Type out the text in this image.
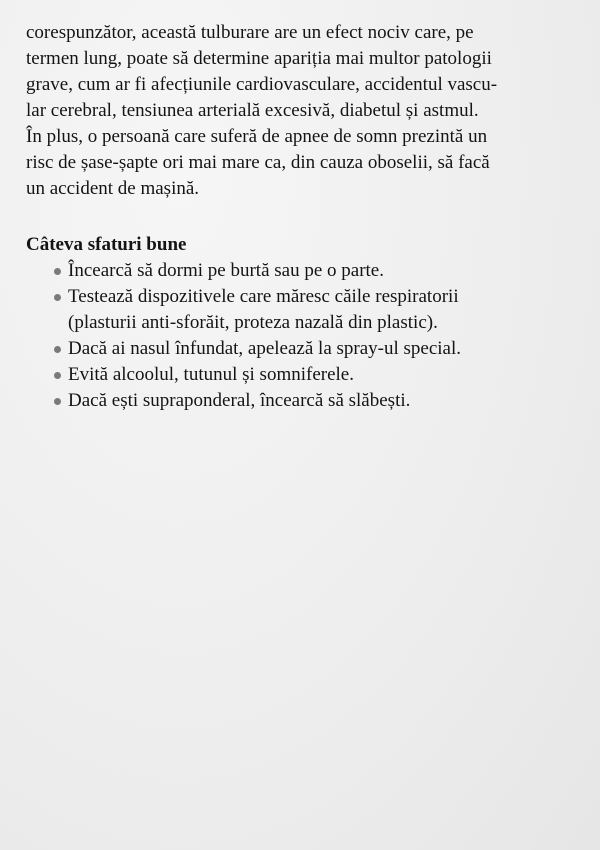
corespunzător, această tulburare are un efect nociv care, pe
termen lung, poate să determine apariția mai multor patologii
grave, cum ar fi afecțiunile cardiovasculare, accidentul vascu-
lar cerebral, tensiunea arterială excesivă, diabetul și astmul.
În plus, o persoană care suferă de apnee de somn prezintă un
risc de șase-șapte ori mai mare ca, din cauza oboselii, să facă
un accident de mașină.
Câteva sfaturi bune
Încearcă să dormi pe burtă sau pe o parte.
Testează dispozitivele care măresc căile respiratorii
(plasturii anti-sforăit, proteza nazală din plastic).
Dacă ai nasul înfundat, apelează la spray-ul special.
Evită alcoolul, tutunul și somniferele.
Dacă ești supraponderal, încearcă să slăbești.
